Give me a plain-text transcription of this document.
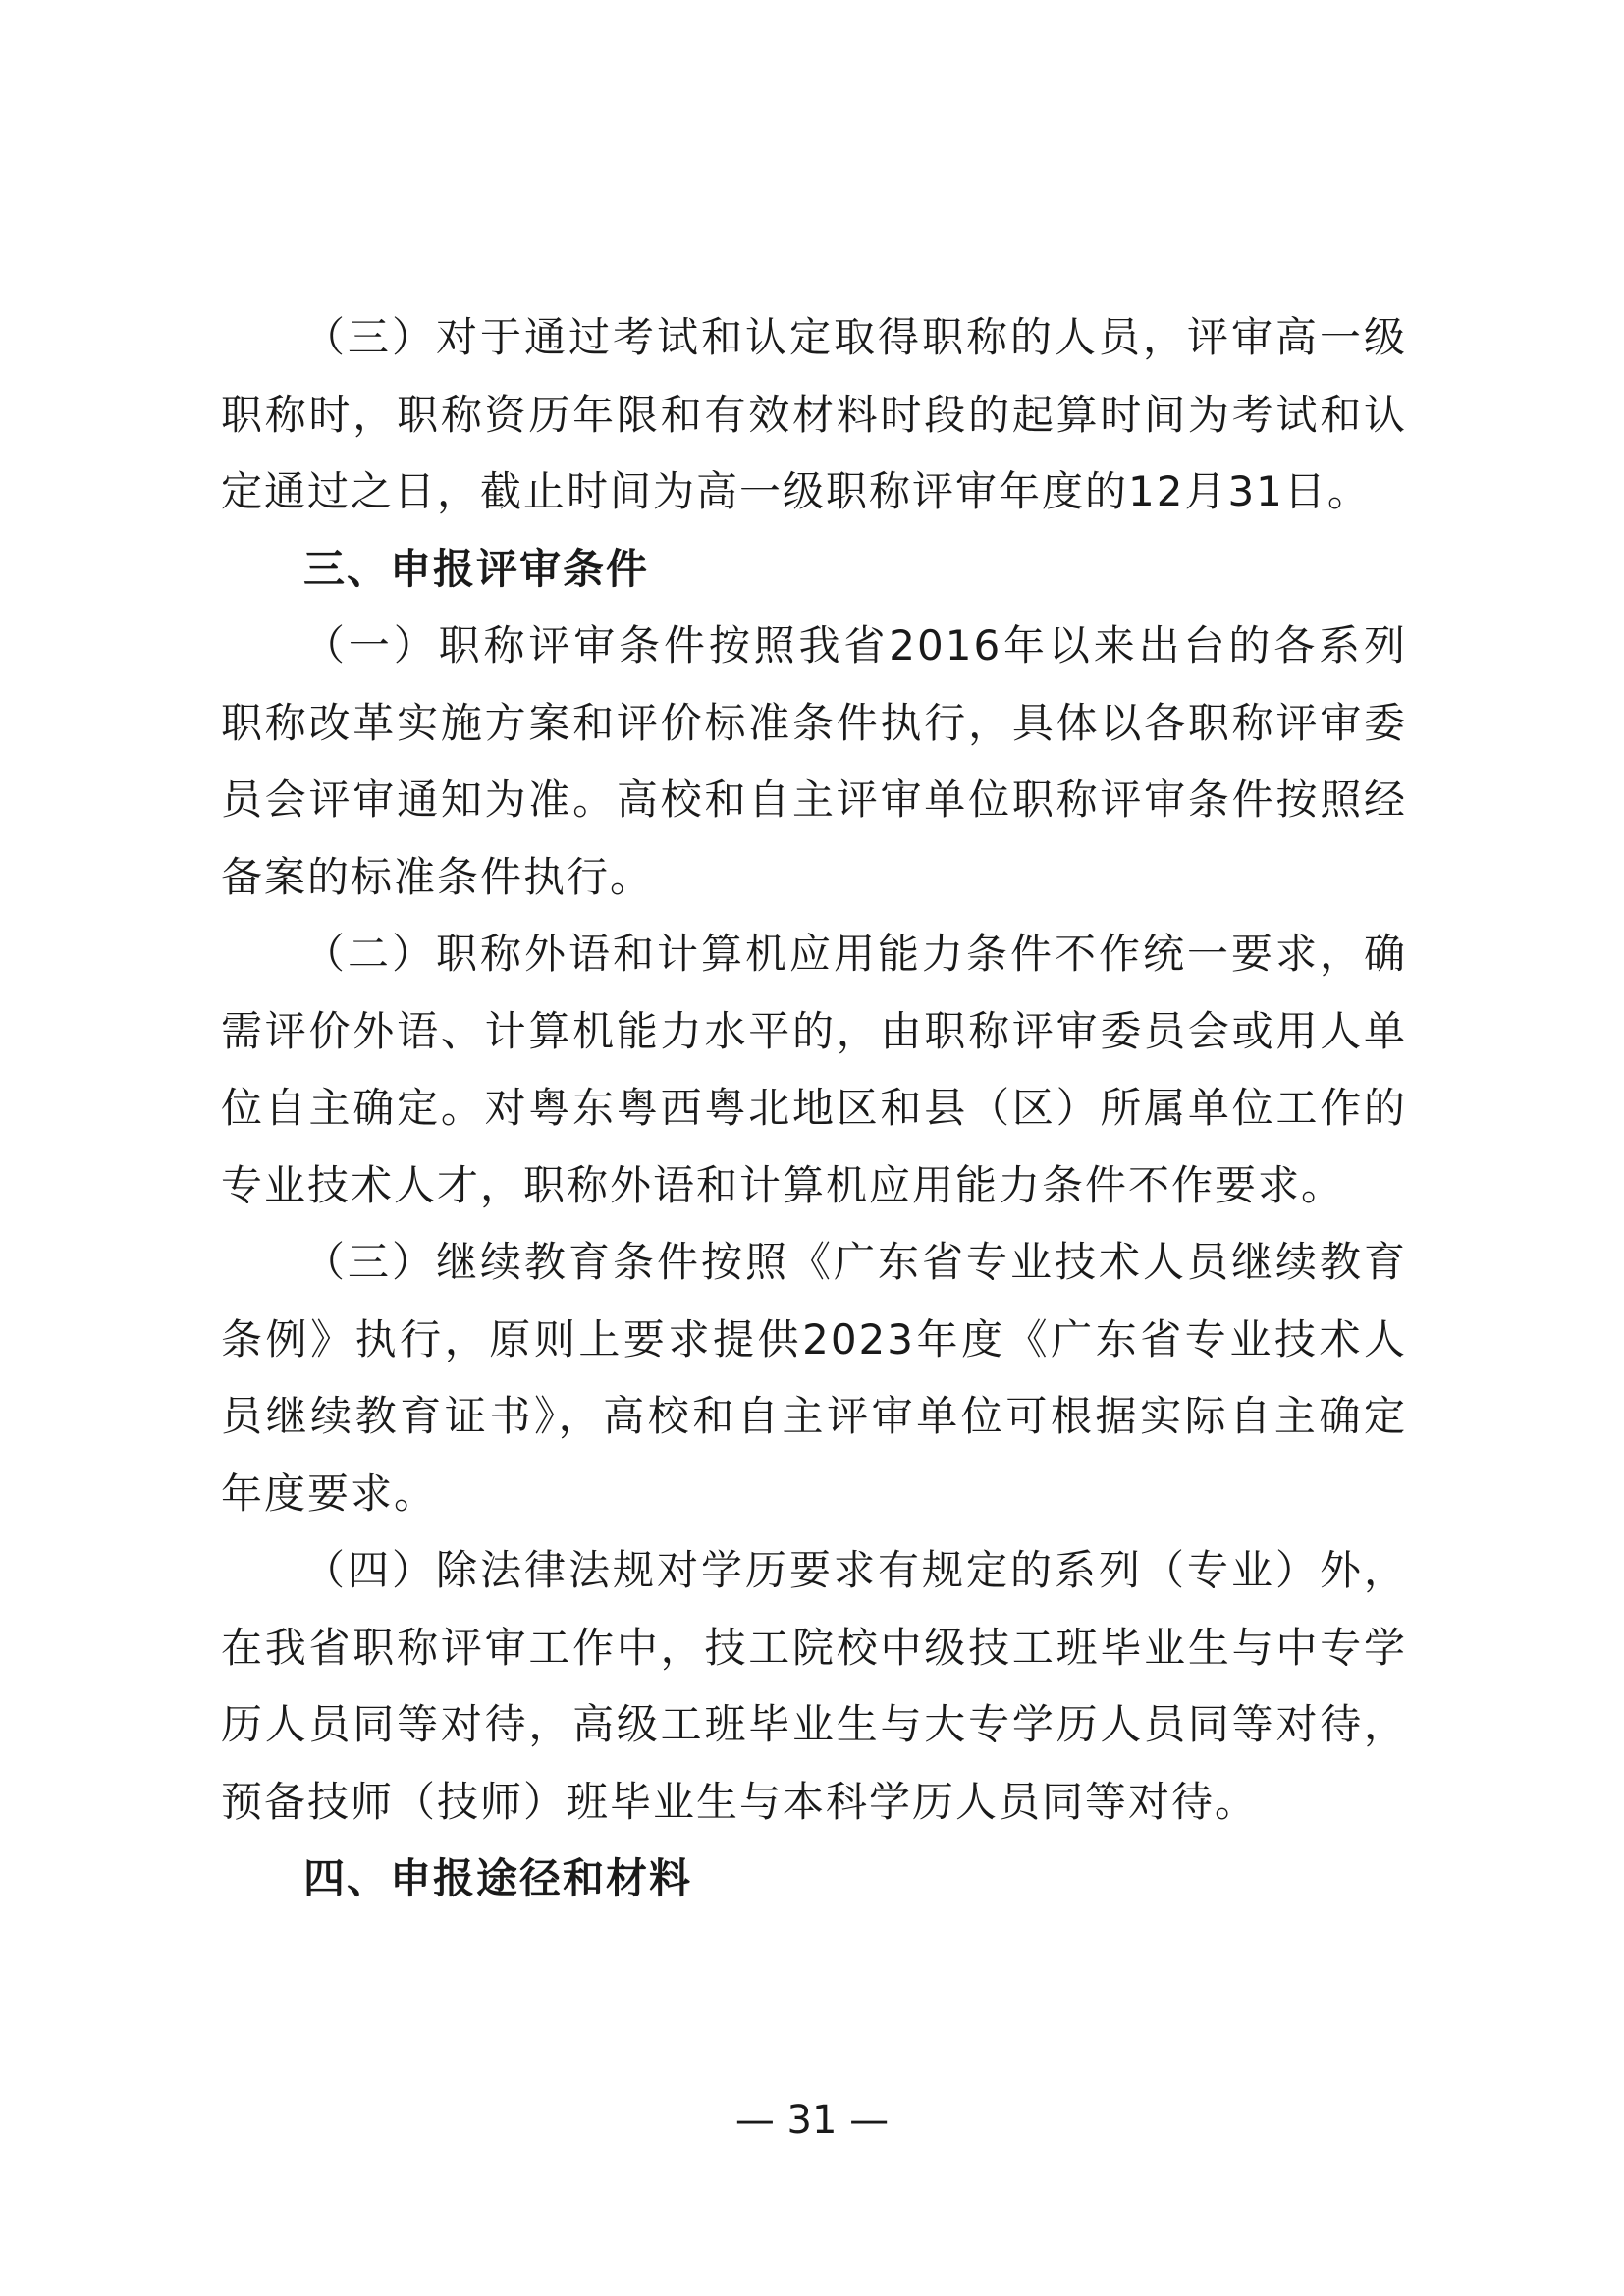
（三）对于通过考试和认定取得职称的人员，评审高一级职称时，职称资历年限和有效材料时段的起算时间为考试和认定通过之日，截止时间为高一级职称评审年度的12月31日。

三、申报评审条件

（一）职称评审条件按照我省2016年以来出台的各系列职称改革实施方案和评价标准条件执行，具体以各职称评审委员会评审通知为准。高校和自主评审单位职称评审条件按照经备案的标准条件执行。

（二）职称外语和计算机应用能力条件不作统一要求，确需评价外语、计算机能力水平的，由职称评审委员会或用人单位自主确定。对粤东粤西粤北地区和县（区）所属单位工作的专业技术人才，职称外语和计算机应用能力条件不作要求。

（三）继续教育条件按照《广东省专业技术人员继续教育条例》执行，原则上要求提供2023年度《广东省专业技术人员继续教育证书》，高校和自主评审单位可根据实际自主确定年度要求。

（四）除法律法规对学历要求有规定的系列（专业）外，在我省职称评审工作中，技工院校中级技工班毕业生与中专学历人员同等对待，高级工班毕业生与大专学历人员同等对待，预备技师（技师）班毕业生与本科学历人员同等对待。

四、申报途径和材料

— 31 —
